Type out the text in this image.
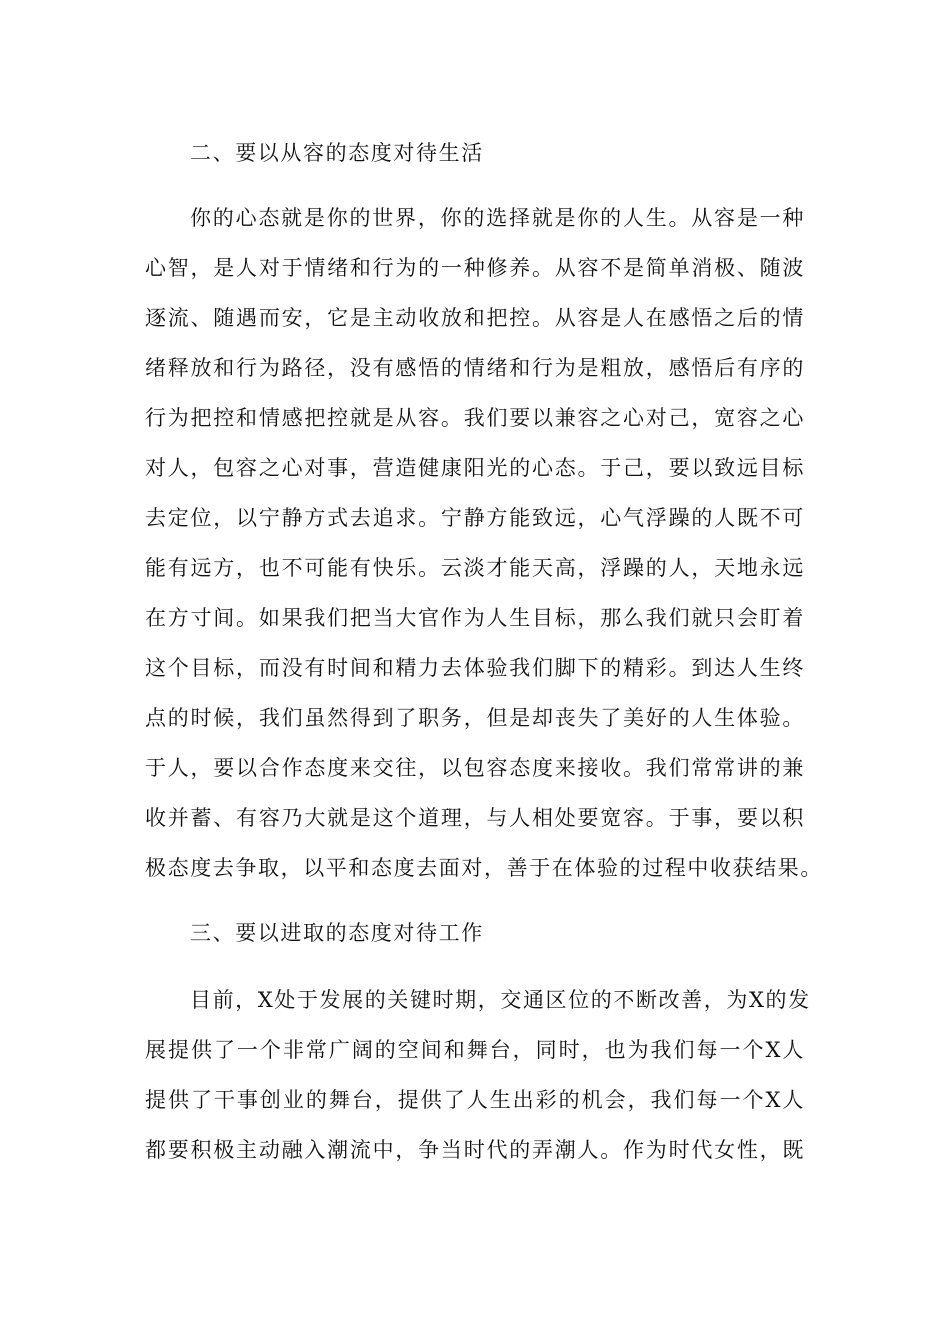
二、要以从容的态度对待生活

你的心态就是你的世界，你的选择就是你的人生。从容是一种

心智，是人对于情绪和行为的一种修养。从容不是简单消极、随波

逐流、随遇而安，它是主动收放和把控。从容是人在感悟之后的情

绪释放和行为路径，没有感悟的情绪和行为是粗放，感悟后有序的

行为把控和情感把控就是从容。我们要以兼容之心对己，宽容之心

对人，包容之心对事，营造健康阳光的心态。于己，要以致远目标

去定位，以宁静方式去追求。宁静方能致远，心气浮躁的人既不可

能有远方，也不可能有快乐。云淡才能天高，浮躁的人，天地永远

在方寸间。如果我们把当大官作为人生目标，那么我们就只会盯着

这个目标，而没有时间和精力去体验我们脚下的精彩。到达人生终

点的时候，我们虽然得到了职务，但是却丧失了美好的人生体验。

于人，要以合作态度来交往，以包容态度来接收。我们常常讲的兼

收并蓄、有容乃大就是这个道理，与人相处要宽容。于事，要以积

极态度去争取，以平和态度去面对，善于在体验的过程中收获结果。

三、要以进取的态度对待工作

目前，X处于发展的关键时期，交通区位的不断改善，为X的发

展提供了一个非常广阔的空间和舞台，同时，也为我们每一个X人

提供了干事创业的舞台，提供了人生出彩的机会，我们每一个X人

都要积极主动融入潮流中，争当时代的弄潮人。作为时代女性，既
